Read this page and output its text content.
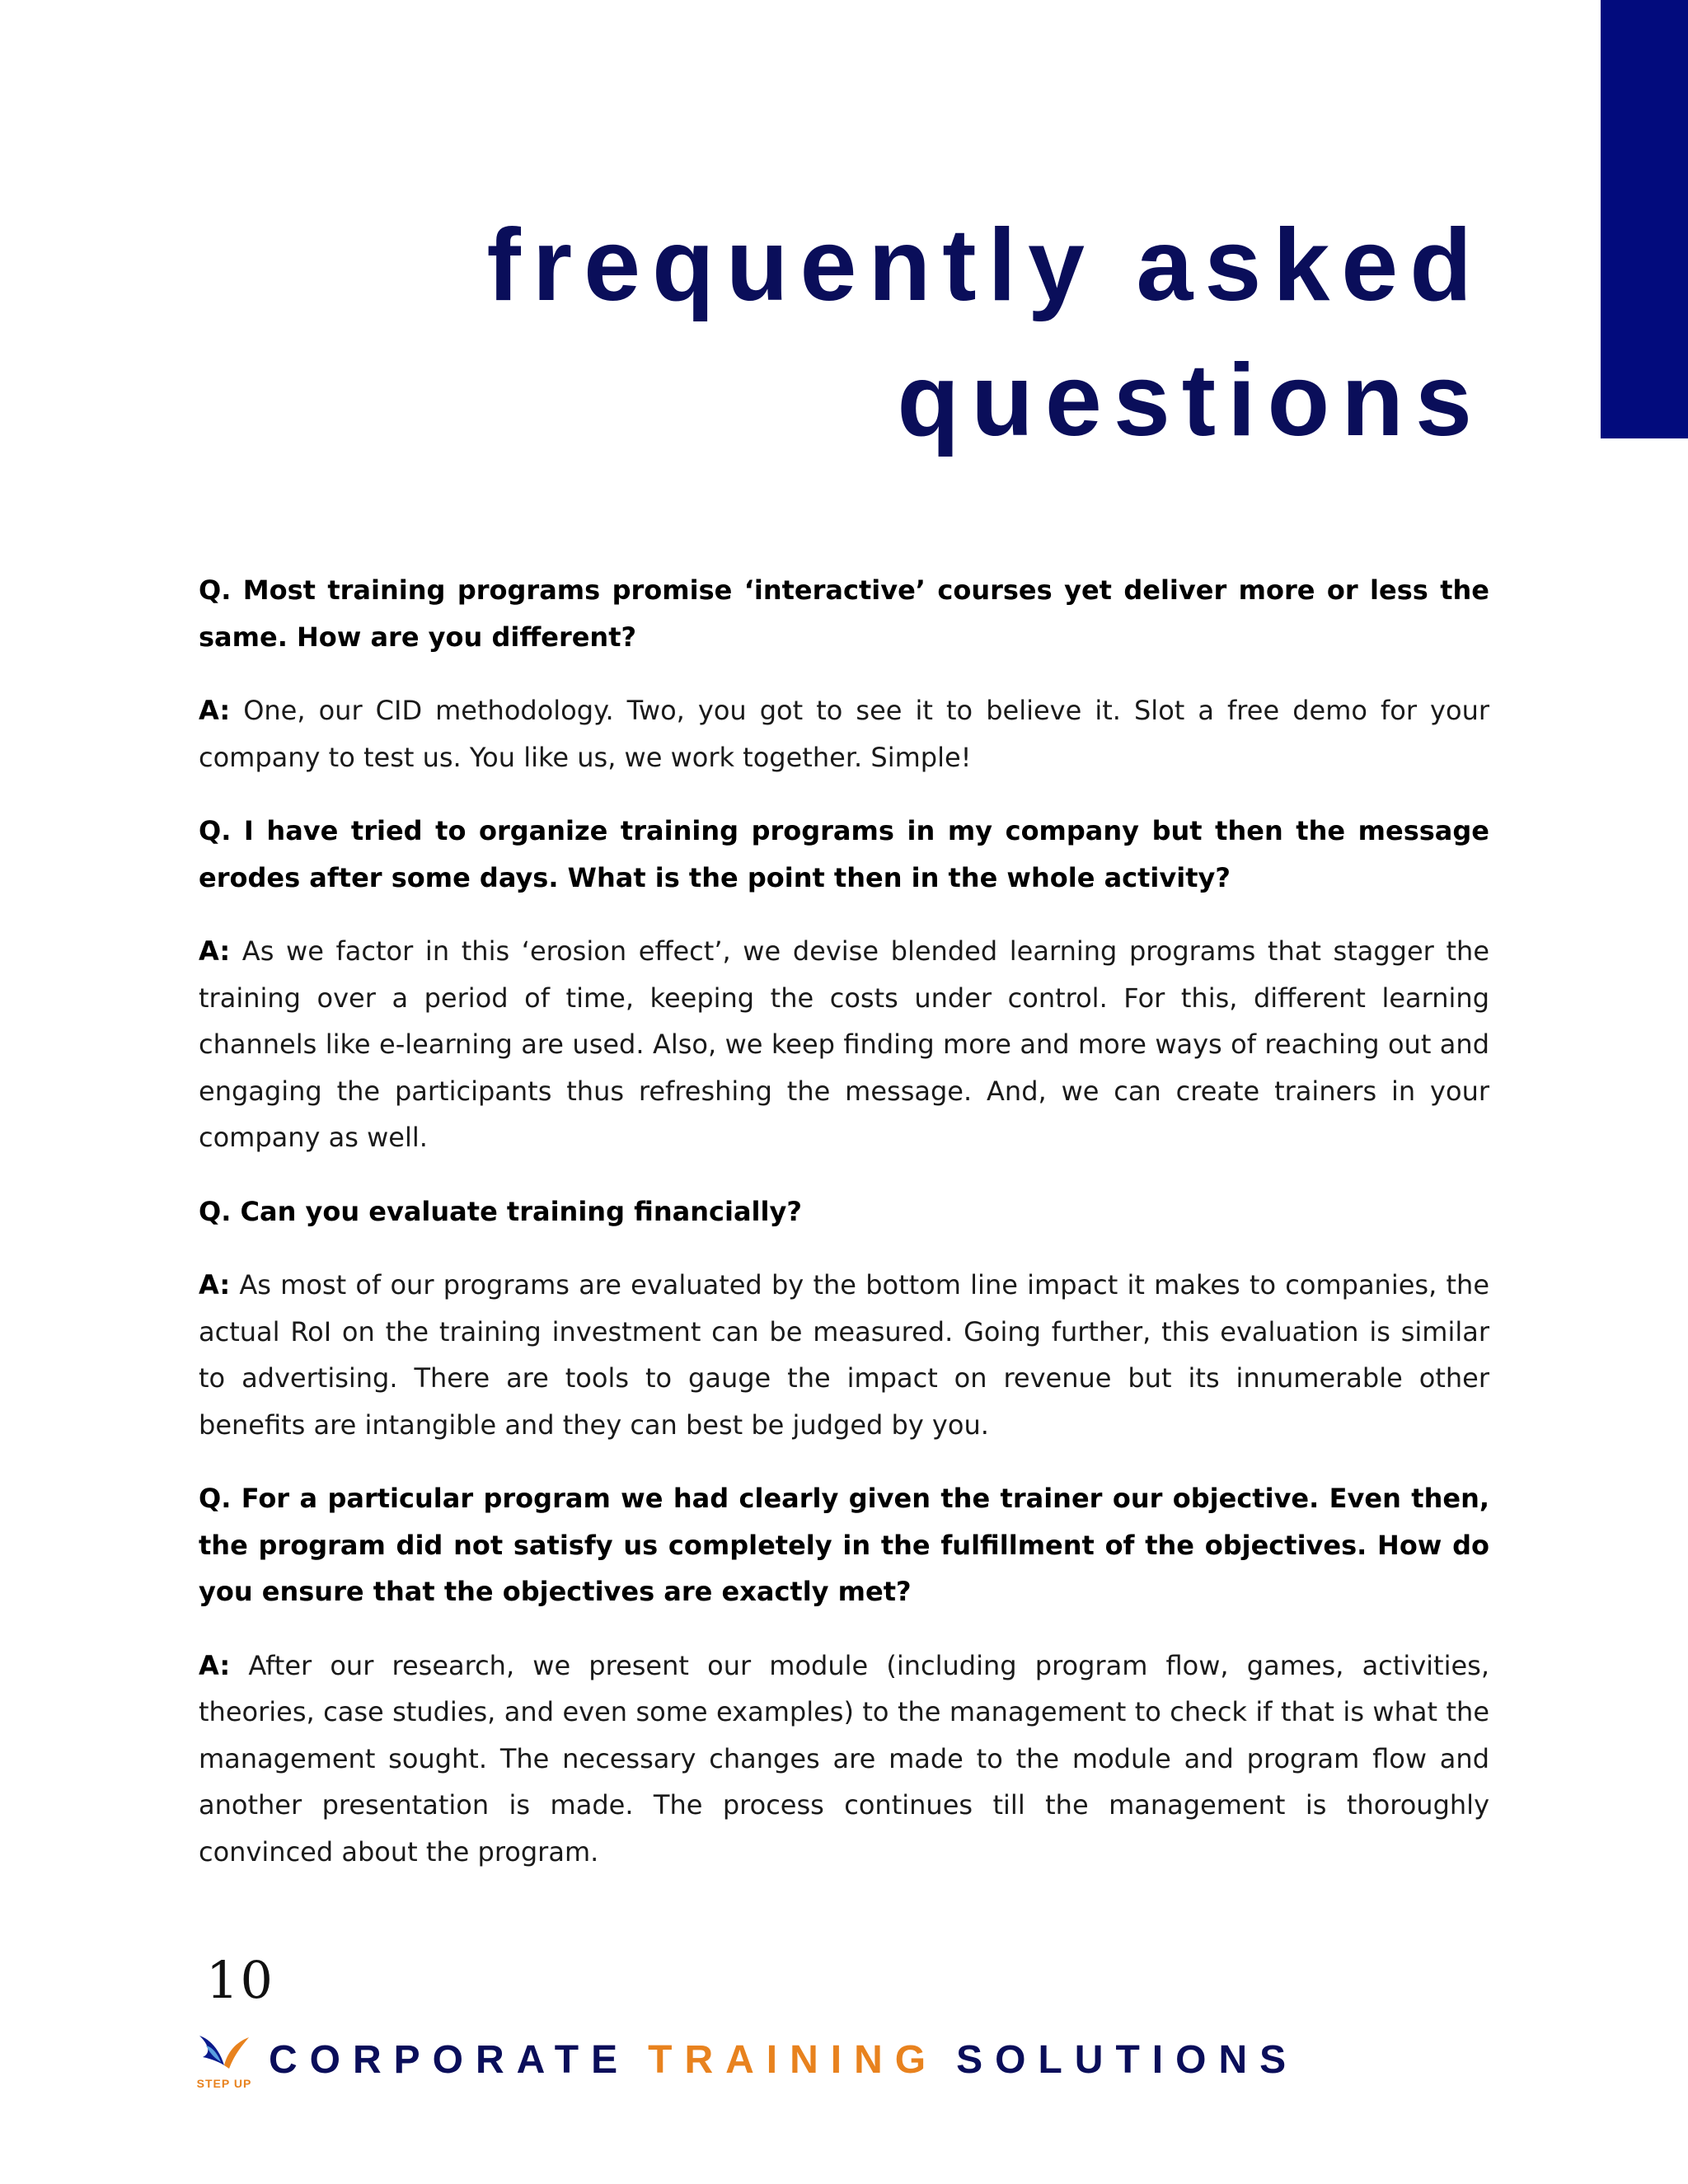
frequently asked
questions

Q. Most training programs promise ‘interactive’ courses yet deliver more or less the same. How are you different?

A: One, our CID methodology. Two, you got to see it to believe it. Slot a free demo for your company to test us. You like us, we work together. Simple!

Q. I have tried to organize training programs in my company but then the message erodes after some days. What is the point then in the whole activity?

A: As we factor in this ‘erosion effect’, we devise blended learning programs that stagger the training over a period of time, keeping the costs under control. For this, different learning channels like e-learning are used. Also, we keep finding more and more ways of reaching out and engaging the participants thus refreshing the message. And, we can create trainers in your company as well.

Q. Can you evaluate training financially?

A: As most of our programs are evaluated by the bottom line impact it makes to companies, the actual RoI on the training investment can be measured. Going further, this evaluation is similar to advertising. There are tools to gauge the impact on revenue but its innumerable other benefits are intangible and they can best be judged by you.

Q. For a particular program we had clearly given the trainer our objective. Even then, the program did not satisfy us completely in the fulfillment of the objectives. How do you ensure that the objectives are exactly met?

A: After our research, we present our module (including program flow, games, activities, theories, case studies, and even some examples) to the management to check if that is what the management sought. The necessary changes are made to the module and program flow and another presentation is made. The process continues till the management is thoroughly convinced about the program.

10
STEP UP
CORPORATE TRAINING SOLUTIONS
